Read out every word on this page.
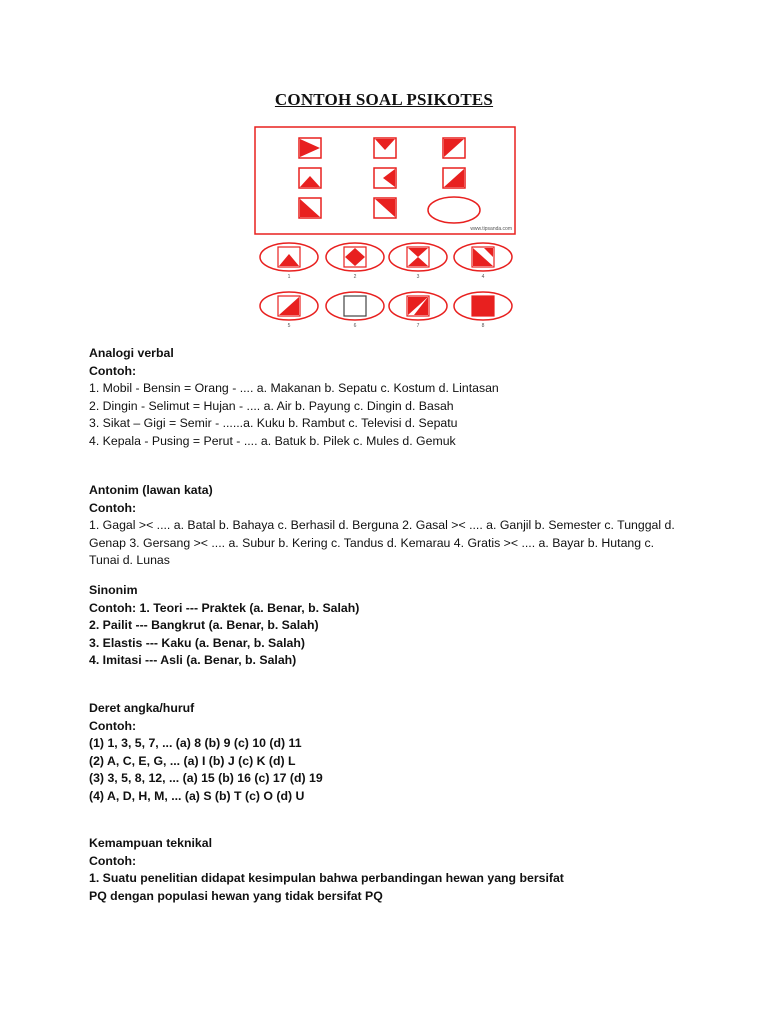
CONTOH SOAL PSIKOTES
www.tipsanda.com
1	2	3	4
5	6	7	8
Analogi verbal
Contoh:
1. Mobil - Bensin = Orang - .... a. Makanan b. Sepatu c. Kostum d. Lintasan
2. Dingin - Selimut = Hujan - .... a. Air b. Payung c. Dingin d. Basah
3. Sikat – Gigi = Semir - ......a. Kuku b. Rambut c. Televisi d. Sepatu
4. Kepala - Pusing = Perut - .... a. Batuk b. Pilek c. Mules d. Gemuk
Antonim (lawan kata)
Contoh:
1. Gagal >< .... a. Batal b. Bahaya c. Berhasil d. Berguna 2. Gasal >< .... a. Ganjil b. Semester c. Tunggal d.
Genap 3. Gersang >< .... a. Subur b. Kering c. Tandus d. Kemarau 4. Gratis >< .... a. Bayar b. Hutang c.
Tunai d. Lunas
Sinonim
Contoh: 1. Teori --- Praktek (a. Benar, b. Salah)
2. Pailit --- Bangkrut (a. Benar, b. Salah)
3. Elastis --- Kaku (a. Benar, b. Salah)
4. Imitasi --- Asli (a. Benar, b. Salah)
Deret angka/huruf
Contoh:
(1) 1, 3, 5, 7, ... (a) 8 (b) 9 (c) 10 (d) 11
(2) A, C, E, G, ... (a) I (b) J (c) K (d) L
(3) 3, 5, 8, 12, ... (a) 15 (b) 16 (c) 17 (d) 19
(4) A, D, H, M, ... (a) S (b) T (c) O (d) U
Kemampuan teknikal
Contoh:
1. Suatu penelitian didapat kesimpulan bahwa perbandingan hewan yang bersifat
PQ dengan populasi hewan yang tidak bersifat PQ
